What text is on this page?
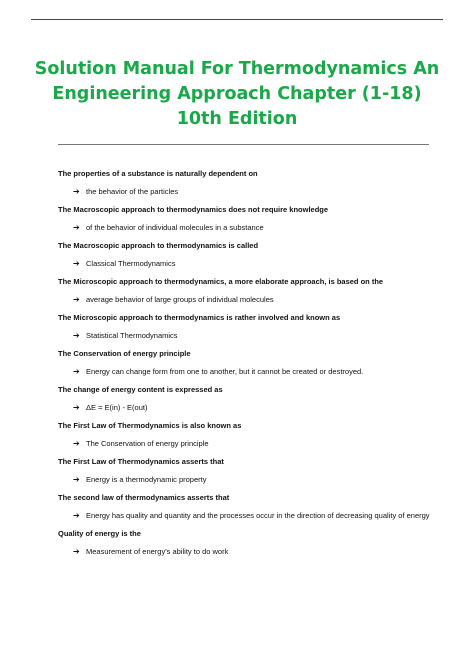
Solution Manual For Thermodynamics An
Engineering Approach Chapter (1-18)
10th Edition
The properties of a substance is naturally dependent on
➔ the behavior of the particles
The Macroscopic approach to thermodynamics does not require knowledge
➔ of the behavior of individual molecules in a substance
The Macroscopic approach to thermodynamics is called
➔ Classical Thermodynamics
The Microscopic approach to thermodynamics, a more elaborate approach, is based on the
➔ average behavior of large groups of individual molecules
The Microscopic approach to thermodynamics is rather involved and known as
➔ Statistical Thermodynamics
The Conservation of energy principle
➔ Energy can change form from one to another, but it cannot be created or destroyed.
The change of energy content is expressed as
➔ ΔE = E(in) - E(out)
The First Law of Thermodynamics is also known as
➔ The Conservation of energy principle
The First Law of Thermodynamics asserts that
➔ Energy is a thermodynamic property
The second law of thermodynamics asserts that
➔ Energy has quality and quantity and the processes occur in the direction of decreasing quality of energy
Quality of energy is the
➔ Measurement of energy's ability to do work
